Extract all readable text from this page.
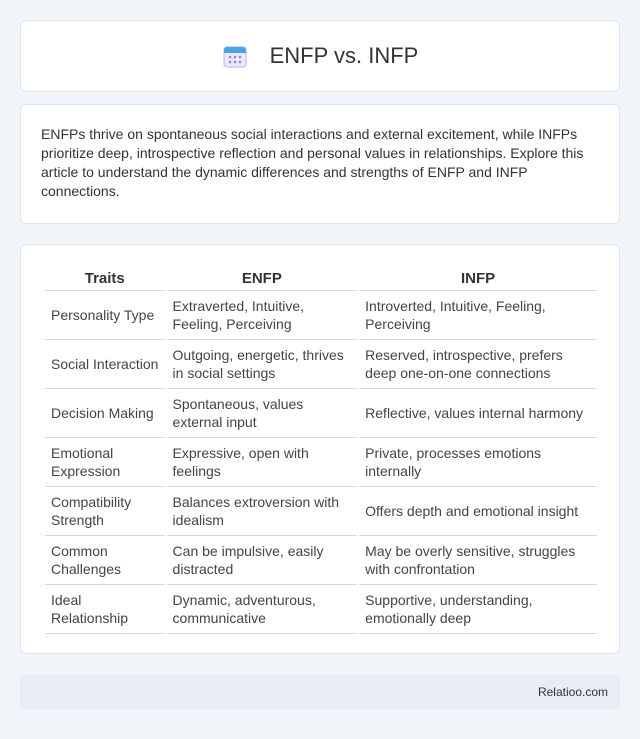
ENFP vs. INFP

ENFPs thrive on spontaneous social interactions and external excitement, while INFPs prioritize deep, introspective reflection and personal values in relationships. Explore this article to understand the dynamic differences and strengths of ENFP and INFP connections.

Traits	ENFP	INFP
Personality Type	Extraverted, Intuitive, Feeling, Perceiving	Introverted, Intuitive, Feeling, Perceiving
Social Interaction	Outgoing, energetic, thrives in social settings	Reserved, introspective, prefers deep one-on-one connections
Decision Making	Spontaneous, values external input	Reflective, values internal harmony
Emotional Expression	Expressive, open with feelings	Private, processes emotions internally
Compatibility Strength	Balances extroversion with idealism	Offers depth and emotional insight
Common Challenges	Can be impulsive, easily distracted	May be overly sensitive, struggles with confrontation
Ideal Relationship	Dynamic, adventurous, communicative	Supportive, understanding, emotionally deep
Relatioo.com
